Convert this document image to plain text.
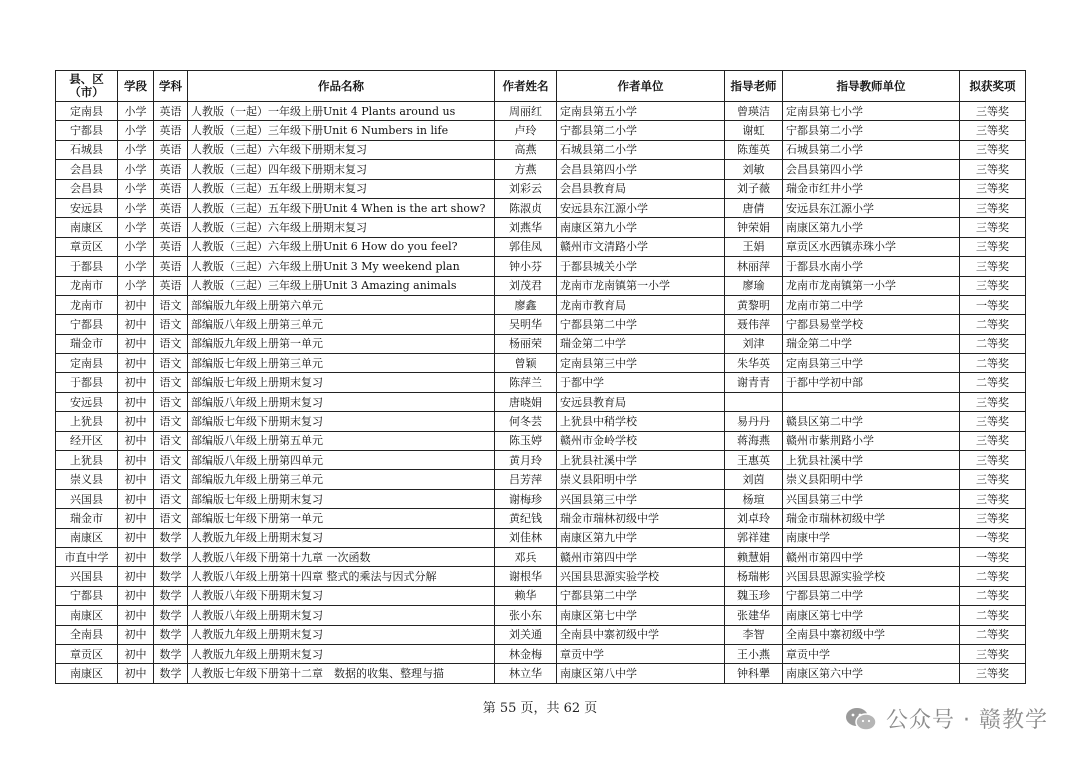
县、区（市）	学段	学科	作品名称	作者姓名	作者单位	指导老师	指导教师单位	拟获奖项
定南县	小学	英语	人教版（一起）一年级上册Unit 4 Plants around us	周丽红	定南县第五小学	曾瑛洁	定南县第七小学	三等奖
宁都县	小学	英语	人教版（三起）三年级下册Unit 6 Numbers in life	卢玲	宁都县第二小学	谢虹	宁都县第二小学	三等奖
石城县	小学	英语	人教版（三起）六年级下册期末复习	高燕	石城县第二小学	陈莲英	石城县第二小学	三等奖
会昌县	小学	英语	人教版（三起）四年级下册期末复习	方燕	会昌县第四小学	刘敏	会昌县第四小学	三等奖
会昌县	小学	英语	人教版（三起）五年级上册期末复习	刘彩云	会昌县教育局	刘子薇	瑞金市红井小学	三等奖
安远县	小学	英语	人教版（三起）五年级下册Unit 4 When is the art show?	陈淑贞	安远县东江源小学	唐倩	安远县东江源小学	三等奖
南康区	小学	英语	人教版（三起）六年级上册期末复习	刘燕华	南康区第九小学	钟荣娟	南康区第九小学	三等奖
章贡区	小学	英语	人教版（三起）六年级上册Unit 6 How do you feel?	郭佳凤	赣州市文清路小学	王娟	章贡区水西镇赤珠小学	三等奖
于都县	小学	英语	人教版（三起）六年级上册Unit 3 My weekend plan	钟小芬	于都县城关小学	林丽萍	于都县水南小学	三等奖
龙南市	小学	英语	人教版（三起）三年级上册Unit 3 Amazing animals	刘茂君	龙南市龙南镇第一小学	廖瑜	龙南市龙南镇第一小学	三等奖
龙南市	初中	语文	部编版九年级上册第六单元	廖鑫	龙南市教育局	黄黎明	龙南市第二中学	一等奖
宁都县	初中	语文	部编版八年级上册第三单元	吴明华	宁都县第二中学	聂伟萍	宁都县易堂学校	二等奖
瑞金市	初中	语文	部编版九年级上册第一单元	杨丽荣	瑞金第二中学	刘津	瑞金第二中学	二等奖
定南县	初中	语文	部编版七年级上册第三单元	曾颖	定南县第三中学	朱华英	定南县第三中学	二等奖
于都县	初中	语文	部编版七年级上册期末复习	陈萍兰	于都中学	谢青青	于都中学初中部	二等奖
安远县	初中	语文	部编版八年级上册期末复习	唐晓娟	安远县教育局			三等奖
上犹县	初中	语文	部编版七年级下册期末复习	何冬芸	上犹县中稍学校	易丹丹	赣县区第二中学	三等奖
经开区	初中	语文	部编版八年级上册第五单元	陈玉婷	赣州市金岭学校	蒋海燕	赣州市紫荆路小学	三等奖
上犹县	初中	语文	部编版八年级上册第四单元	黄月玲	上犹县社溪中学	王惠英	上犹县社溪中学	三等奖
崇义县	初中	语文	部编版九年级上册第三单元	吕芳萍	崇义县阳明中学	刘茵	崇义县阳明中学	三等奖
兴国县	初中	语文	部编版七年级上册期末复习	谢梅珍	兴国县第三中学	杨瑄	兴国县第三中学	三等奖
瑞金市	初中	语文	部编版七年级下册第一单元	黄纪钱	瑞金市瑞林初级中学	刘卓玲	瑞金市瑞林初级中学	三等奖
南康区	初中	数学	人教版九年级上册期末复习	刘佳林	南康区第九中学	郭祥建	南康中学	一等奖
市直中学	初中	数学	人教版八年级下册第十九章 一次函数	邓兵	赣州市第四中学	赖慧娟	赣州市第四中学	一等奖
兴国县	初中	数学	人教版八年级上册第十四章 整式的乘法与因式分解	谢根华	兴国县思源实验学校	杨瑞彬	兴国县思源实验学校	二等奖
宁都县	初中	数学	人教版八年级下册期末复习	赖华	宁都县第二中学	魏玉珍	宁都县第二中学	二等奖
南康区	初中	数学	人教版八年级上册期末复习	张小东	南康区第七中学	张建华	南康区第七中学	二等奖
全南县	初中	数学	人教版九年级上册期末复习	刘关通	全南县中寨初级中学	李智	全南县中寨初级中学	二等奖
章贡区	初中	数学	人教版九年级上册期末复习	林金梅	章贡中学	王小燕	章贡中学	三等奖
南康区	初中	数学	人教版七年级下册第十二章　数据的收集、整理与描	林立华	南康区第八中学	钟科犟	南康区第六中学	三等奖
第 55 页，共 62 页	公众号 · 赣教学
